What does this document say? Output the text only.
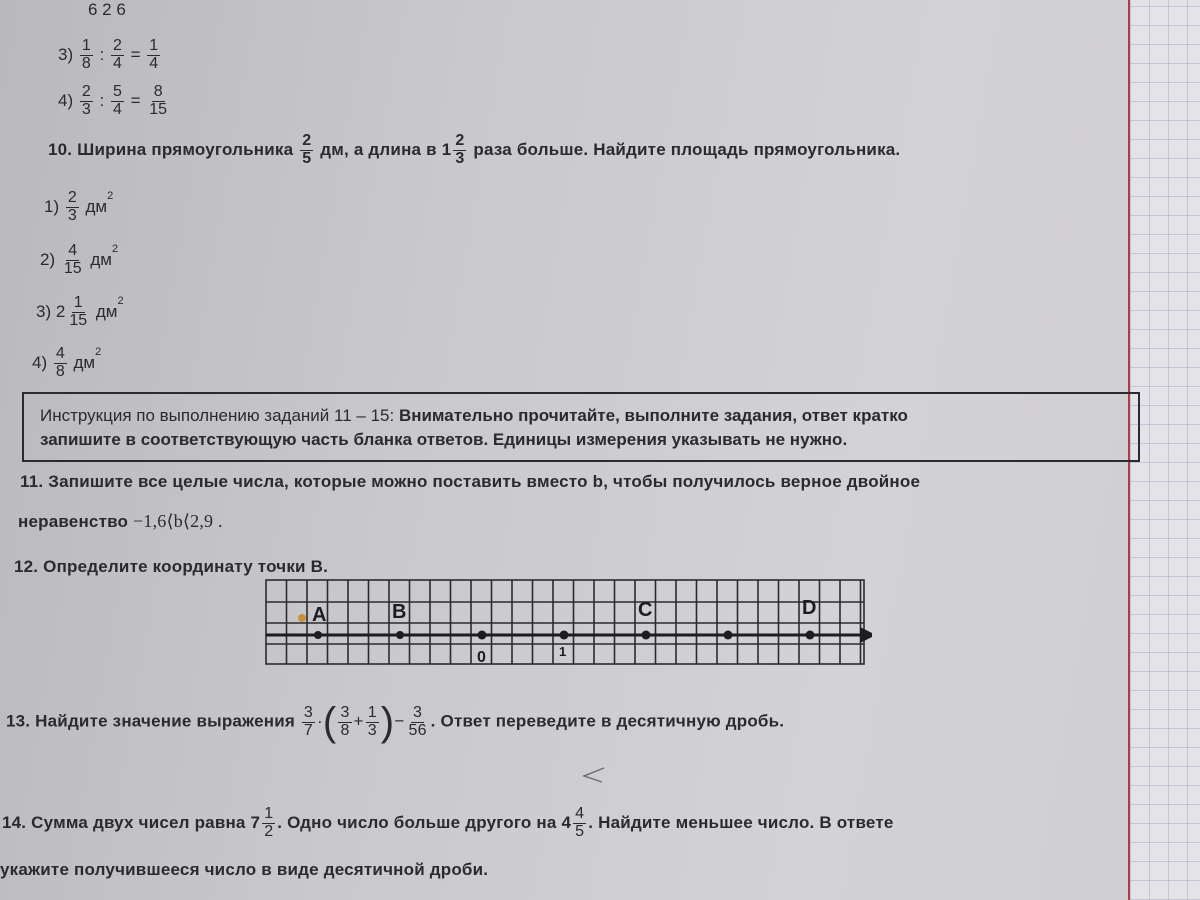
6 2 6
$3) \frac{1}{8}$ : $\frac{2}{4} = \frac{1}{4}$
$4) \frac{2}{3}$ : $\frac{5}{4} = \frac{8}{15}$
10. Ширина прямоугольника $\frac{2}{5}$ дм, а длина в $1 \frac{2}{3}$ раза больше. Найдите площадь прямоугольника.
$1) \frac{2}{3} дм^2$
$2) \frac{4}{15} дм^2$
3) $2 \frac{1}{15} дм^2$
$4) \frac{4}{8} дм^2$
Инструкция по выполнению заданий 11 – 15: Внимательно прочитайте, выполните задания, ответ кратко
запишите в соответствующую часть бланка ответов. Единицы измерения указывать не нужно.
11. Запишите все целые числа, которые можно поставить вместо b, чтобы получилось верное двойное
неравенство −1,6⟨b⟨2,9 .
12. Определите координату точки B.
A	B	C	D
0	1
13. Найдите значение выражения $\frac{3}{7}$ ·( $\frac{3}{8} + \frac{1}{3}$ )− $\frac{3}{56}$ . Ответ переведите в десятичную дробь.
14. Сумма двух чисел равна $7 \frac{1}{2}$ . Одно число больше другого на $4 \frac{4}{5}$ . Найдите меньшее число. В ответе
укажите получившееся число в виде десятичной дроби.
